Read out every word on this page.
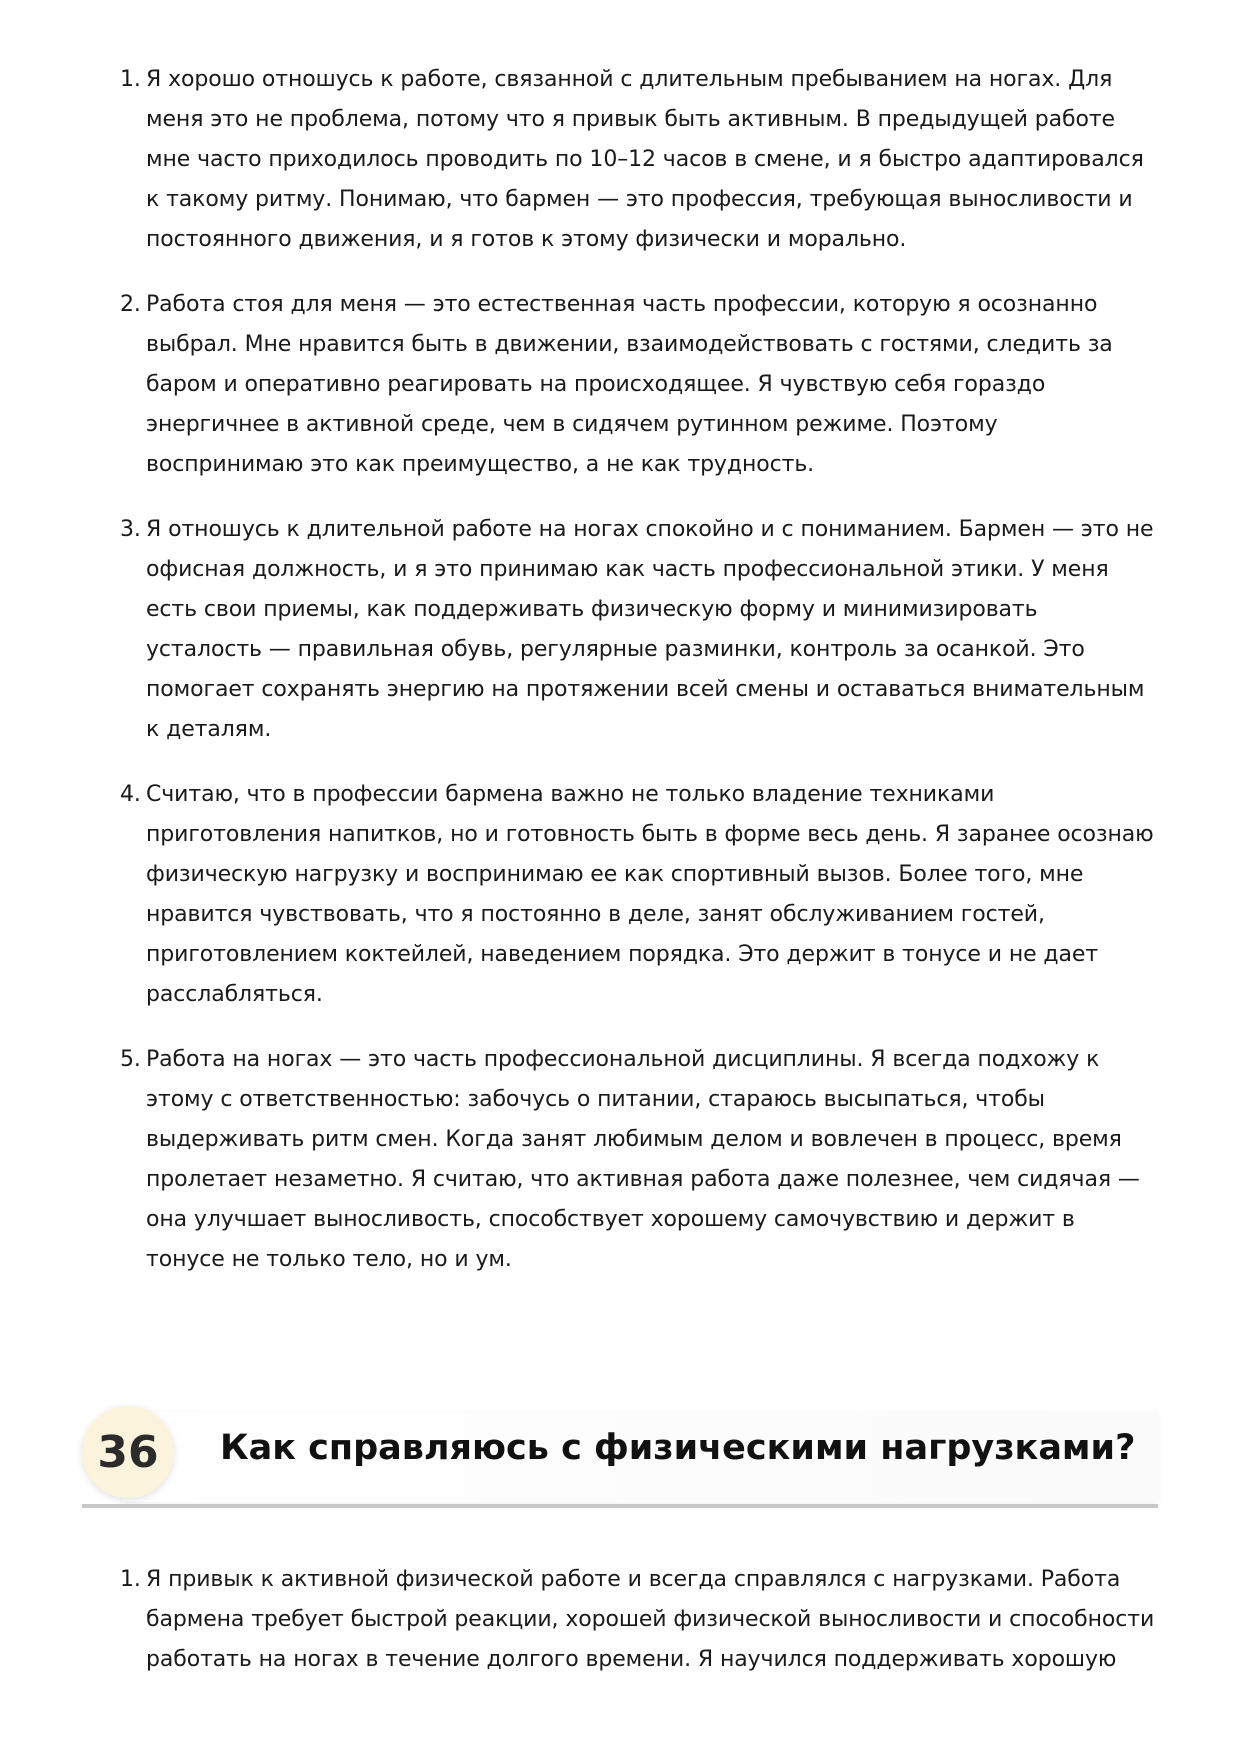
1. Я хорошо отношусь к работе, связанной с длительным пребыванием на ногах. Для меня это не проблема, потому что я привык быть активным. В предыдущей работе мне часто приходилось проводить по 10–12 часов в смене, и я быстро адаптировался к такому ритму. Понимаю, что бармен — это профессия, требующая выносливости и постоянного движения, и я готов к этому физически и морально.
2. Работа стоя для меня — это естественная часть профессии, которую я осознанно выбрал. Мне нравится быть в движении, взаимодействовать с гостями, следить за баром и оперативно реагировать на происходящее. Я чувствую себя гораздо энергичнее в активной среде, чем в сидячем рутинном режиме. Поэтому воспринимаю это как преимущество, а не как трудность.
3. Я отношусь к длительной работе на ногах спокойно и с пониманием. Бармен — это не офисная должность, и я это принимаю как часть профессиональной этики. У меня есть свои приемы, как поддерживать физическую форму и минимизировать усталость — правильная обувь, регулярные разминки, контроль за осанкой. Это помогает сохранять энергию на протяжении всей смены и оставаться внимательным к деталям.
4. Считаю, что в профессии бармена важно не только владение техниками приготовления напитков, но и готовность быть в форме весь день. Я заранее осознаю физическую нагрузку и воспринимаю ее как спортивный вызов. Более того, мне нравится чувствовать, что я постоянно в деле, занят обслуживанием гостей, приготовлением коктейлей, наведением порядка. Это держит в тонусе и не дает расслабляться.
5. Работа на ногах — это часть профессиональной дисциплины. Я всегда подхожу к этому с ответственностью: забочусь о питании, стараюсь высыпаться, чтобы выдерживать ритм смен. Когда занят любимым делом и вовлечен в процесс, время пролетает незаметно. Я считаю, что активная работа даже полезнее, чем сидячая — она улучшает выносливость, способствует хорошему самочувствию и держит в тонусе не только тело, но и ум.
36	Как справляюсь с физическими нагрузками?
1. Я привык к активной физической работе и всегда справлялся с нагрузками. Работа бармена требует быстрой реакции, хорошей физической выносливости и способности работать на ногах в течение долгого времени. Я научился поддерживать хорошую
